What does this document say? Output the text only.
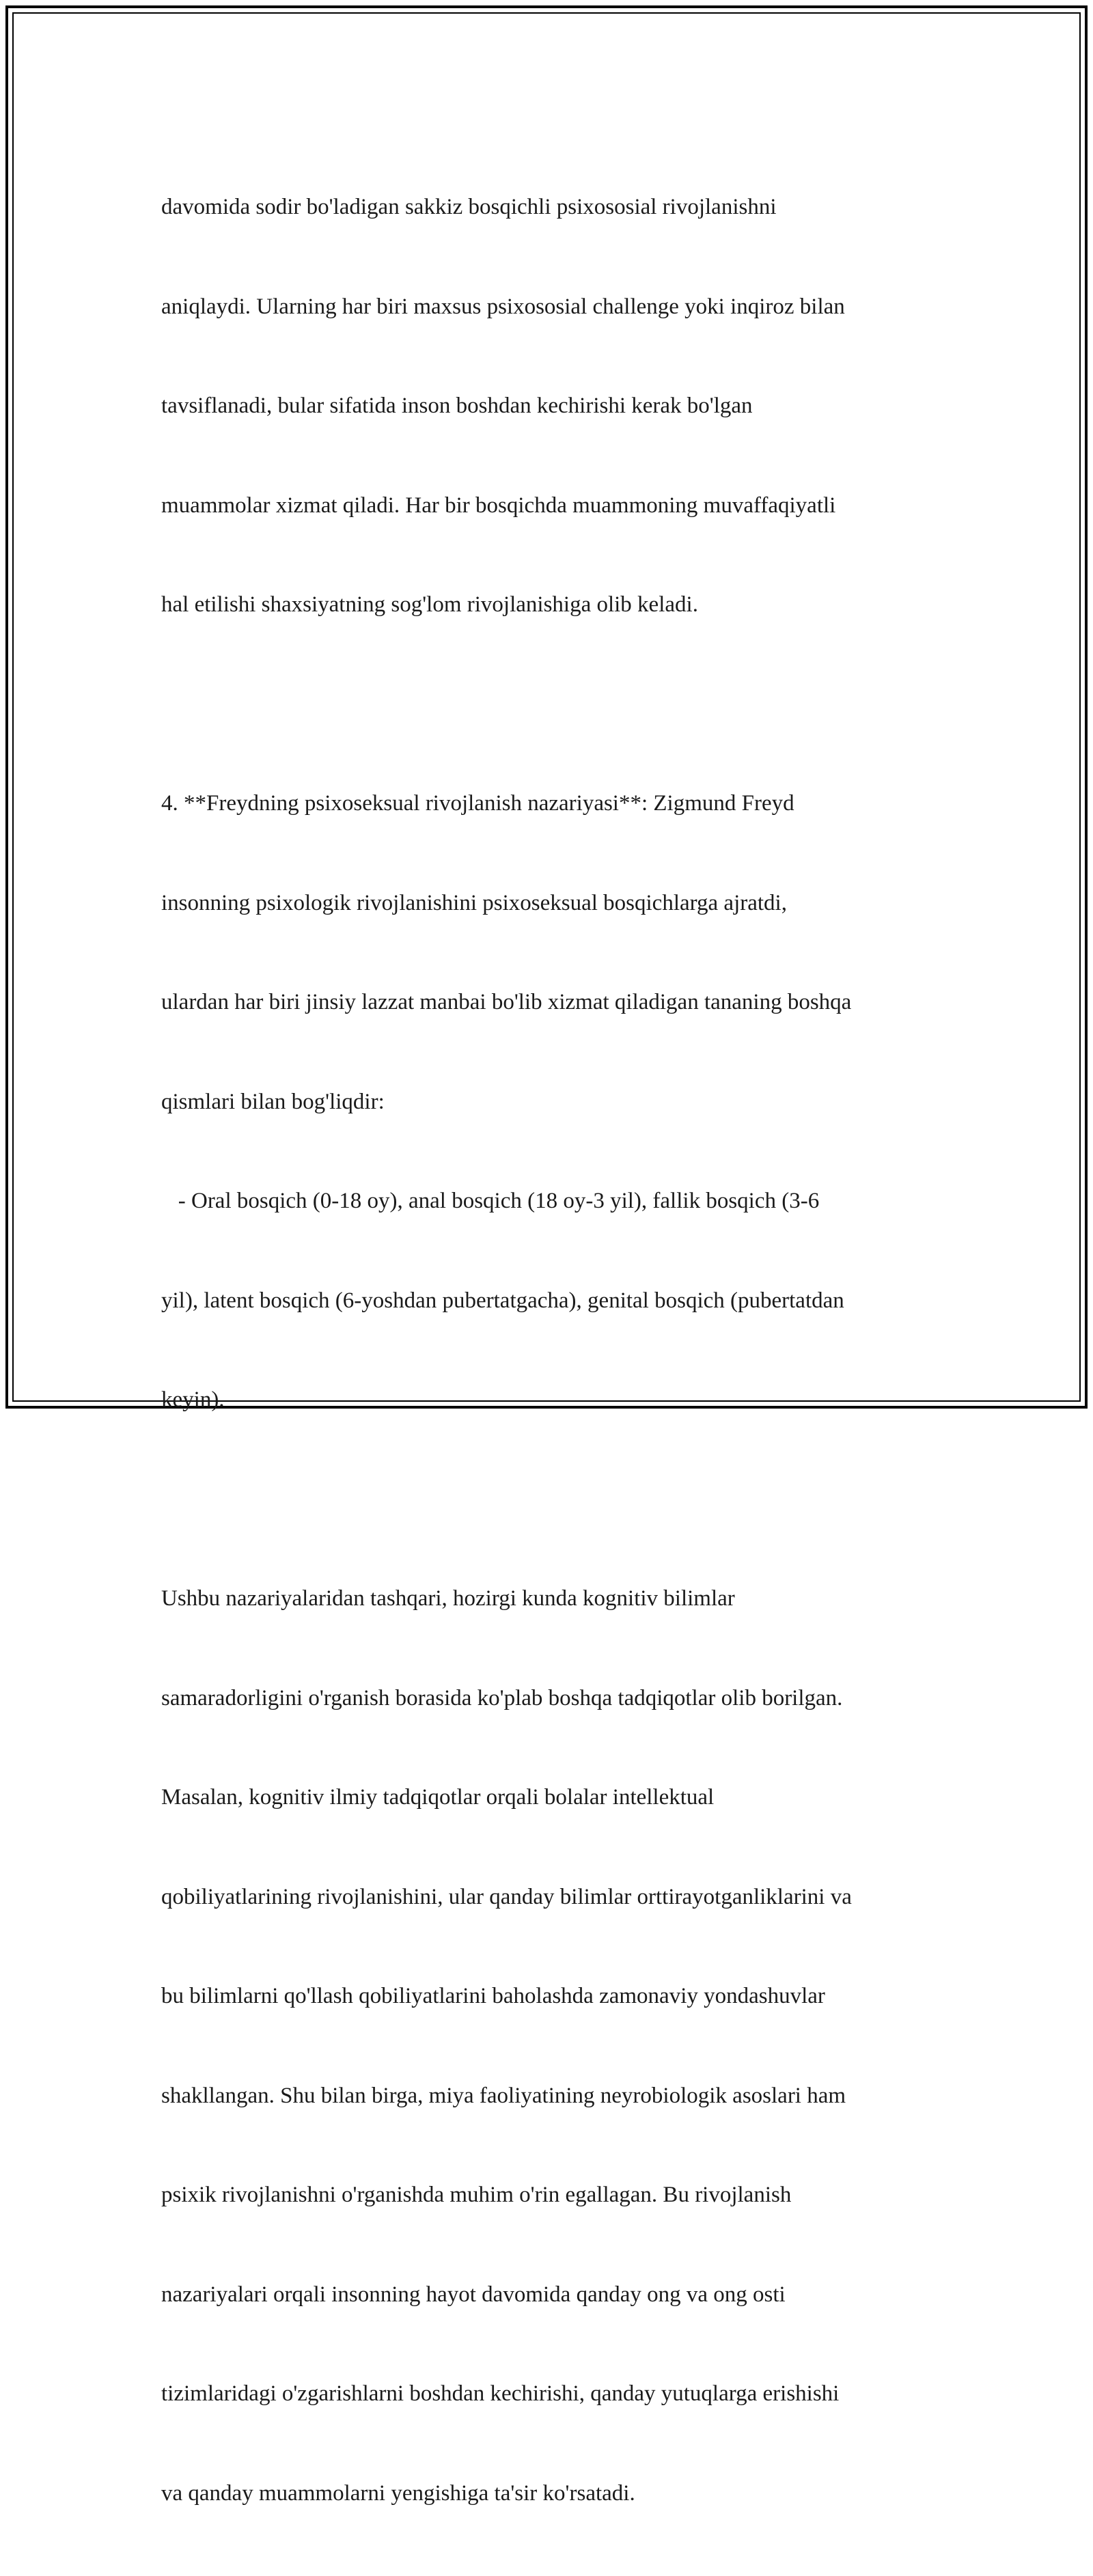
davomida sodir bo'ladigan sakkiz bosqichli psixososial rivojlanishni

aniqlaydi. Ularning har biri maxsus psixososial challenge yoki inqiroz bilan

tavsiflanadi, bular sifatida inson boshdan kechirishi kerak bo'lgan

muammolar xizmat qiladi. Har bir bosqichda muammoning muvaffaqiyatli

hal etilishi shaxsiyatning sog'lom rivojlanishiga olib keladi.

4. **Freydning psixoseksual rivojlanish nazariyasi**: Zigmund Freyd

insonning psixologik rivojlanishini psixoseksual bosqichlarga ajratdi,

ulardan har biri jinsiy lazzat manbai bo'lib xizmat qiladigan tananing boshqa

qismlari bilan bog'liqdir:

- Oral bosqich (0-18 oy), anal bosqich (18 oy-3 yil), fallik bosqich (3-6

yil), latent bosqich (6-yoshdan pubertatgacha), genital bosqich (pubertatdan

keyin).

Ushbu nazariyalaridan tashqari, hozirgi kunda kognitiv bilimlar

samaradorligini o'rganish borasida ko'plab boshqa tadqiqotlar olib borilgan.

Masalan, kognitiv ilmiy tadqiqotlar orqali bolalar intellektual

qobiliyatlarining rivojlanishini, ular qanday bilimlar orttirayotganliklarini va

bu bilimlarni qo'llash qobiliyatlarini baholashda zamonaviy yondashuvlar

shakllangan. Shu bilan birga, miya faoliyatining neyrobiologik asoslari ham

psixik rivojlanishni o'rganishda muhim o'rin egallagan. Bu rivojlanish

nazariyalari orqali insonning hayot davomida qanday ong va ong osti

tizimlaridagi o'zgarishlarni boshdan kechirishi, qanday yutuqlarga erishishi

va qanday muammolarni yengishiga ta'sir ko'rsatadi.
